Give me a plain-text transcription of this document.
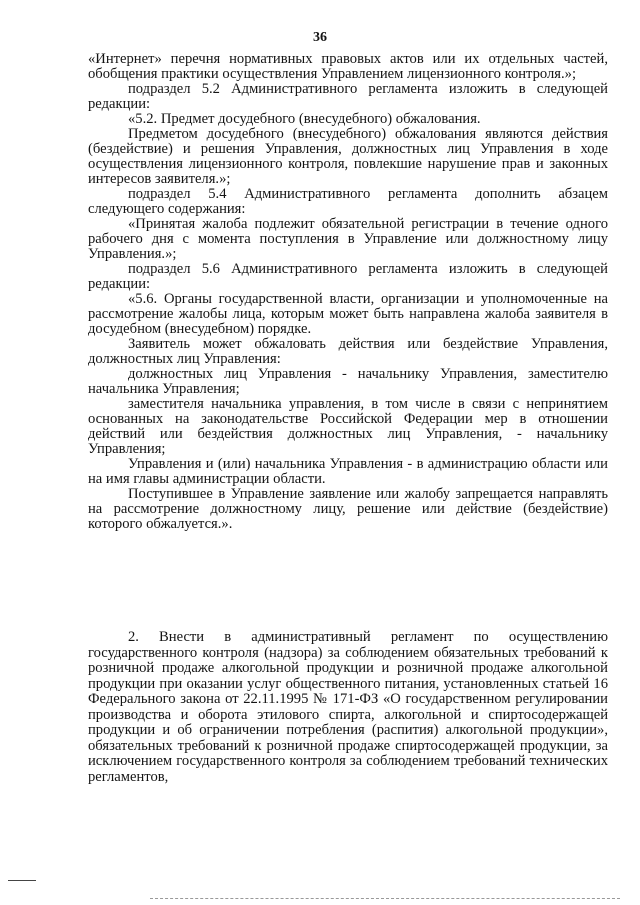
36

«Интернет» перечня нормативных правовых актов или их отдельных частей, обобщения практики осуществления Управлением лицензионного контроля.»;

подраздел 5.2 Административного регламента изложить в следующей редакции:

«5.2. Предмет досудебного (внесудебного) обжалования.

Предметом досудебного (внесудебного) обжалования являются действия (бездействие) и решения Управления, должностных лиц Управления в ходе осуществления лицензионного контроля, повлекшие нарушение прав и законных интересов заявителя.»;

подраздел 5.4 Административного регламента дополнить абзацем следующего содержания:

«Принятая жалоба подлежит обязательной регистрации в течение одного рабочего дня с момента поступления в Управление или должностному лицу Управления.»;

подраздел 5.6 Административного регламента изложить в следующей редакции:

«5.6. Органы государственной власти, организации и уполномоченные на рассмотрение жалобы лица, которым может быть направлена жалоба заявителя в досудебном (внесудебном) порядке.

Заявитель может обжаловать действия или бездействие Управления, должностных лиц Управления:

должностных лиц Управления - начальнику Управления, заместителю начальника Управления;

заместителя начальника управления, в том числе в связи с непринятием основанных на законодательстве Российской Федерации мер в отношении действий или бездействия должностных лиц Управления, - начальнику Управления;

Управления и (или) начальника Управления - в администрацию области или на имя главы администрации области.

Поступившее в Управление заявление или жалобу запрещается направлять на рассмотрение должностному лицу, решение или действие (бездействие) которого обжалуется.».

2. Внести в административный регламент по осуществлению государственного контроля (надзора) за соблюдением обязательных требований к розничной продаже алкогольной продукции и розничной продаже алкогольной продукции при оказании услуг общественного питания, установленных статьей 16 Федерального закона от 22.11.1995 № 171-ФЗ «О государственном регулировании производства и оборота этилового спирта, алкогольной и спиртосодержащей продукции и об ограничении потребления (распития) алкогольной продукции», обязательных требований к розничной продаже спиртосодержащей продукции, за исключением государственного контроля за соблюдением требований технических регламентов,
